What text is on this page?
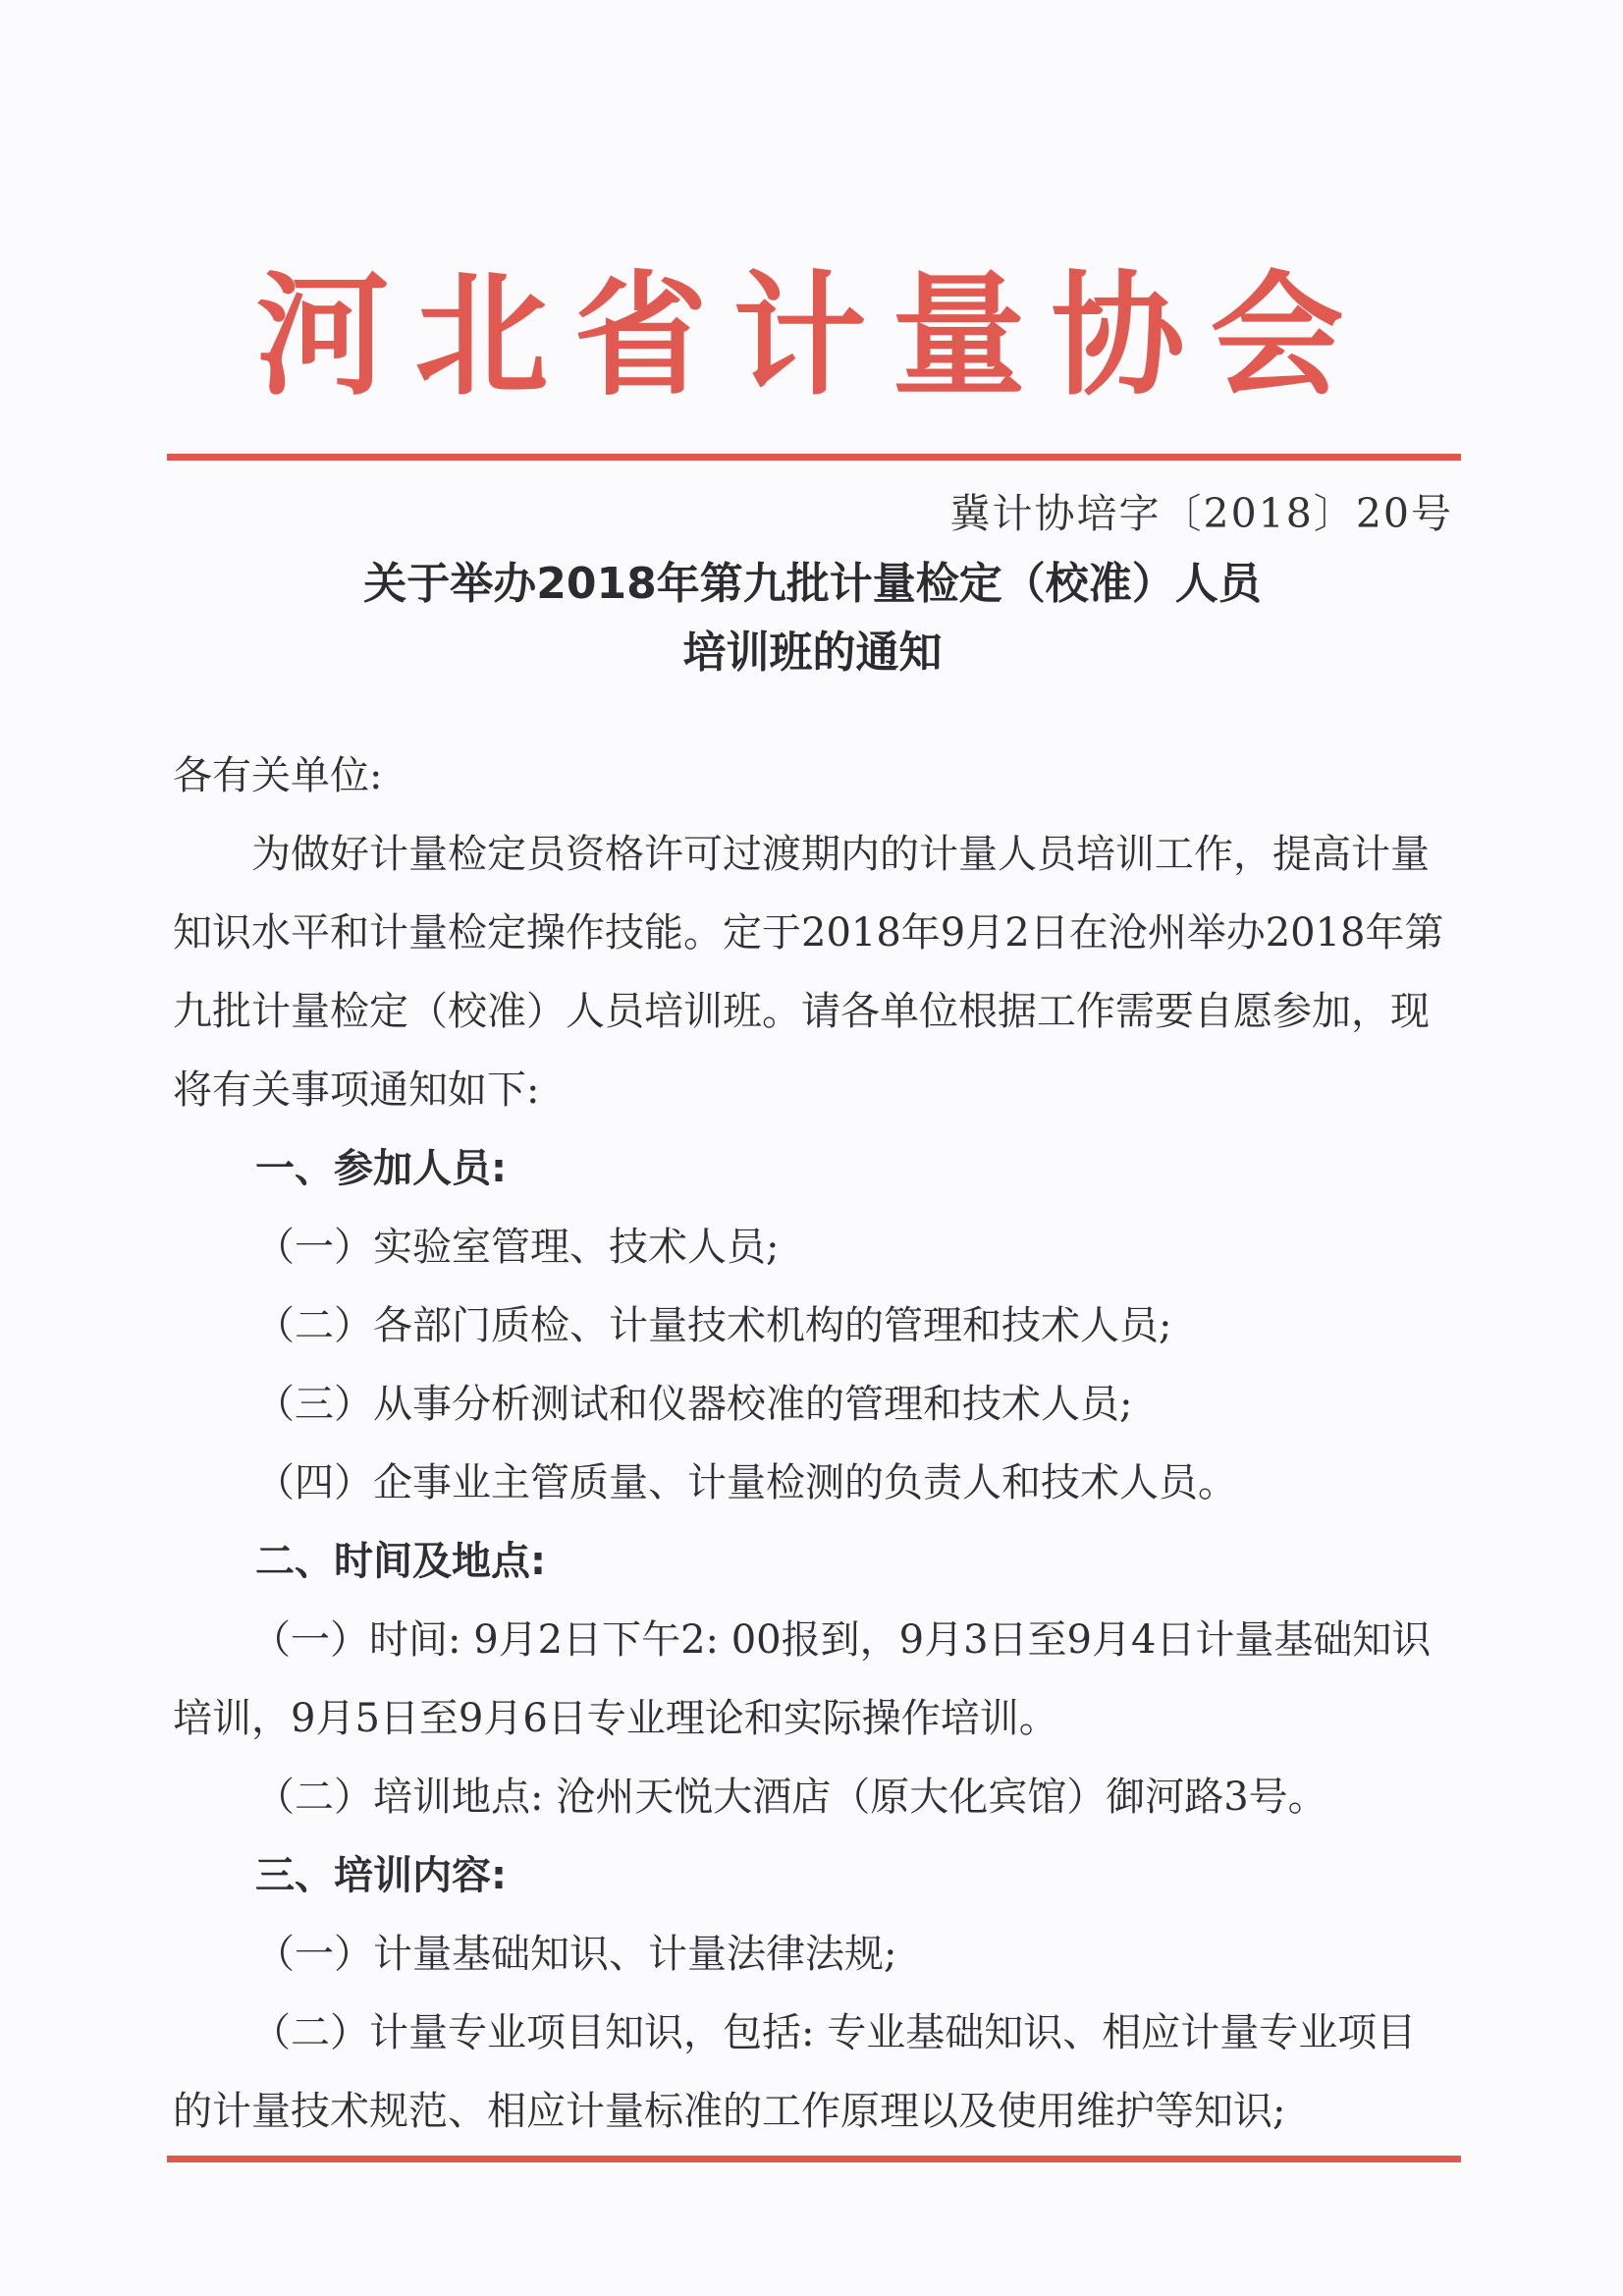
河北省计量协会
冀计协培字〔2018〕20号
关于举办2018年第九批计量检定（校准）人员
培训班的通知

各有关单位:

为做好计量检定员资格许可过渡期内的计量人员培训工作，提高计量知识水平和计量检定操作技能。定于2018年9月2日在沧州举办2018年第九批计量检定（校准）人员培训班。请各单位根据工作需要自愿参加，现将有关事项通知如下:

一、参加人员:

（一）实验室管理、技术人员;

（二）各部门质检、计量技术机构的管理和技术人员;

（三）从事分析测试和仪器校准的管理和技术人员;

（四）企事业主管质量、计量检测的负责人和技术人员。

二、时间及地点:

（一）时间: 9月2日下午2: 00报到，9月3日至9月4日计量基础知识培训，9月5日至9月6日专业理论和实际操作培训。

（二）培训地点: 沧州天悦大酒店（原大化宾馆）御河路3号。

三、培训内容:

（一）计量基础知识、计量法律法规;

（二）计量专业项目知识，包括: 专业基础知识、相应计量专业项目的计量技术规范、相应计量标准的工作原理以及使用维护等知识;
